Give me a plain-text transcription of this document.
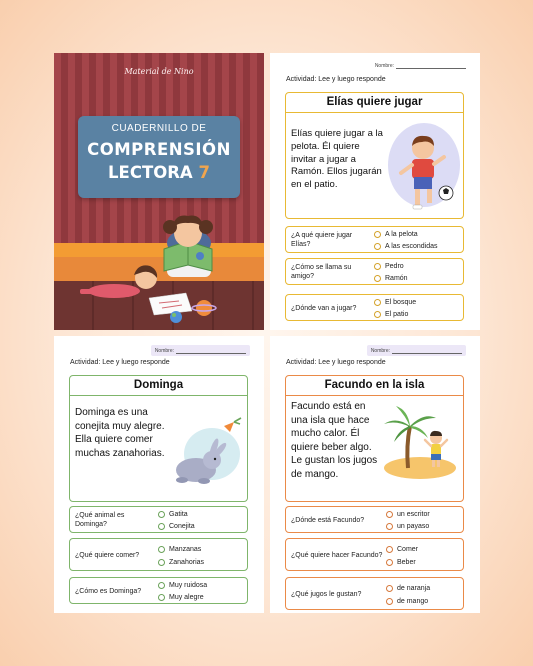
Material de Nino
CUADERNILLO DE
COMPRENSIÓN
LECTORA 7
Nombre:
Actividad: Lee y luego responde
Elías quiere jugar
Elías quiere jugar a la pelota. Él quiere invitar a jugar a Ramón. Ellos jugarán en el patio.
¿A qué quiere jugar Elías?
A la pelota
A las escondidas
¿Cómo se llama su amigo?
Pedro
Ramón
¿Dónde van a jugar?
El bosque
El patio
Nombre:
Actividad: Lee y luego responde
Dominga
Dominga es una conejita muy alegre. Ella quiere comer muchas zanahorias.
¿Qué animal es Dominga?
Gatita
Conejita
¿Qué quiere comer?
Manzanas
Zanahorias
¿Cómo es Dominga?
Muy ruidosa
Muy alegre
Nombre:
Actividad: Lee y luego responde
Facundo en la isla
Facundo está en una isla que hace mucho calor. Él quiere beber algo. Le gustan los jugos de mango.
¿Dónde está Facundo?
un escritor
un payaso
¿Qué quiere hacer Facundo?
Comer
Beber
¿Qué jugos le gustan?
de naranja
de mango
